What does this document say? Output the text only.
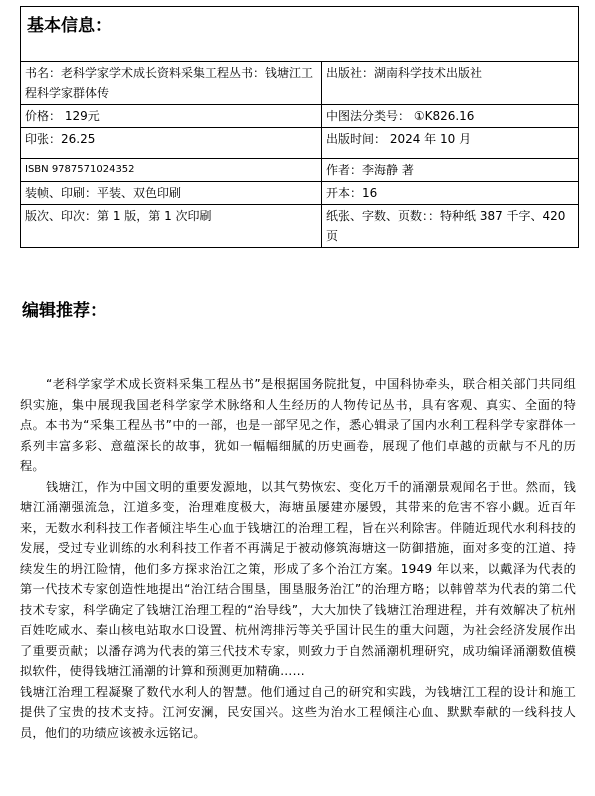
基本信息：	
书名：老科学家学术成长资料采集工程丛书：钱塘江工程科学家群体传	出版社：湖南科学技术出版社
价格： 129元	中图法分类号： ①K826.16
印张：26.25	出版时间： 2024 年 10 月
ISBN 9787571024352	作者：李海静 著
装帧、印刷：平装、双色印刷	开本：16
版次、印次：第 1 版，第 1 次印刷	纸张、字数、页数：：特种纸 387 千字、420页
编辑推荐：

“老科学家学术成长资料采集工程丛书”是根据国务院批复，中国科协牵头，联合相关部门共同组织实施，集中展现我国老科学家学术脉络和人生经历的人物传记丛书，具有客观、真实、全面的特点。本书为“采集工程丛书”中的一部，也是一部罕见之作，悉心辑录了国内水利工程科学专家群体一系列丰富多彩、意蕴深长的故事，犹如一幅幅细腻的历史画卷，展现了他们卓越的贡献与不凡的历程。

钱塘江，作为中国文明的重要发源地，以其气势恢宏、变化万千的涌潮景观闻名于世。然而，钱塘江涌潮强流急，江道多变，治理难度极大，海塘虽屡建亦屡毁，其带来的危害不容小觑。近百年来，无数水利科技工作者倾注毕生心血于钱塘江的治理工程，旨在兴利除害。伴随近现代水利科技的发展，受过专业训练的水利科技工作者不再满足于被动修筑海塘这一防御措施，面对多变的江道、持续发生的坍江险情，他们多方探求治江之策，形成了多个治江方案。1949 年以来，以戴泽为代表的第一代技术专家创造性地提出“治江结合围垦，围垦服务治江”的治理方略；以韩曾萃为代表的第二代技术专家，科学确定了钱塘江治理工程的“治导线”，大大加快了钱塘江治理进程，并有效解决了杭州百姓吃咸水、秦山核电站取水口设置、杭州湾排污等关乎国计民生的重大问题，为社会经济发展作出了重要贡献；以潘存鸿为代表的第三代技术专家，则致力于自然涌潮机理研究，成功编译涌潮数值模拟软件，使得钱塘江涌潮的计算和预测更加精确……

钱塘江治理工程凝聚了数代水利人的智慧。他们通过自己的研究和实践，为钱塘江工程的设计和施工提供了宝贵的技术支持。江河安澜，民安国兴。这些为治水工程倾注心血、默默奉献的一线科技人员，他们的功绩应该被永远铭记。
